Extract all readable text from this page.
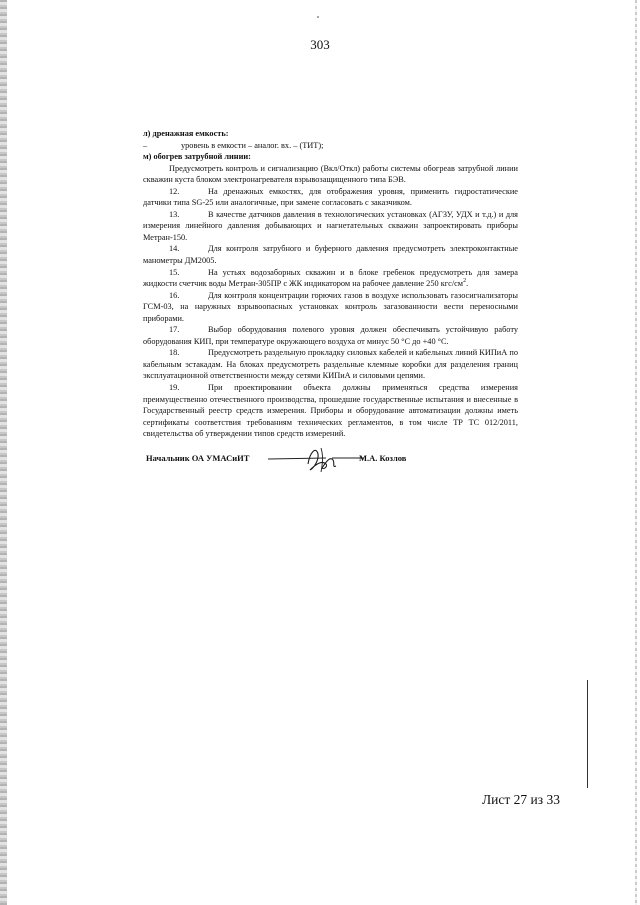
303

л) дренажная емкость:

–	уровень в емкости – аналог. вх. – (ТИТ);

м) обогрев затрубной линии:

Предусмотреть контроль и сигнализацию (Вкл/Откл) работы системы обогреав затрубной линии скважин куста блоком электронагревателя взрывозащищенного типа БЭВ.

12.	На дренажных емкостях, для отображения уровня, применить гидростатические датчики типа SG-25 или аналогичные, при замене согласовать с заказчиком.

13.	В качестве датчиков давления в технологических установках (АГЗУ, УДХ и т.д.) и для измерения линейного давления добывающих и нагнетательных скважин запроектировать приборы Метран-150.

14.	Для контроля затрубного и буферного давления предусмотреть электроконтактные манометры ДМ2005.

15.	На устьях водозаборных скважин и в блоке гребенок предусмотреть для замера жидкости счетчик воды Метран-305ПР с ЖК индикатором на рабочее давление 250 кгс/$см^2$.

16.	Для контроля концентрации горючих газов в воздухе использовать газосигнализаторы ГСМ-03, на наружных взрывоопасных установках контроль загазованности вести переносными приборами.

17.	Выбор оборудования полевого уровня должен обеспечивать устойчивую работу оборудования КИП, при температуре окружающего воздуха от минус 50 °С до +40 °С.

18.	Предусмотреть раздельную прокладку силовых кабелей и кабельных линий КИПиА по кабельным эстакадам. На блоках предусмотреть раздельные клемные коробки для разделения границ эксплуатационной ответственности между сетями КИПиА и силовыми цепями.

19.	При проектировании объекта должны применяться средства измерения преимущественно отечественного производства, прошедшие государственные испытания и внесенные в Государственный реестр средств измерения. Приборы и оборудование автоматизации должны иметь сертификаты соответствия требованиям технических регламентов, в том числе ТР ТС 012/2011, свидетельства об утверждении типов средств измерений.

Начальник ОА УМАСиИТ	М.А. Козлов
Лист 27 из 33
